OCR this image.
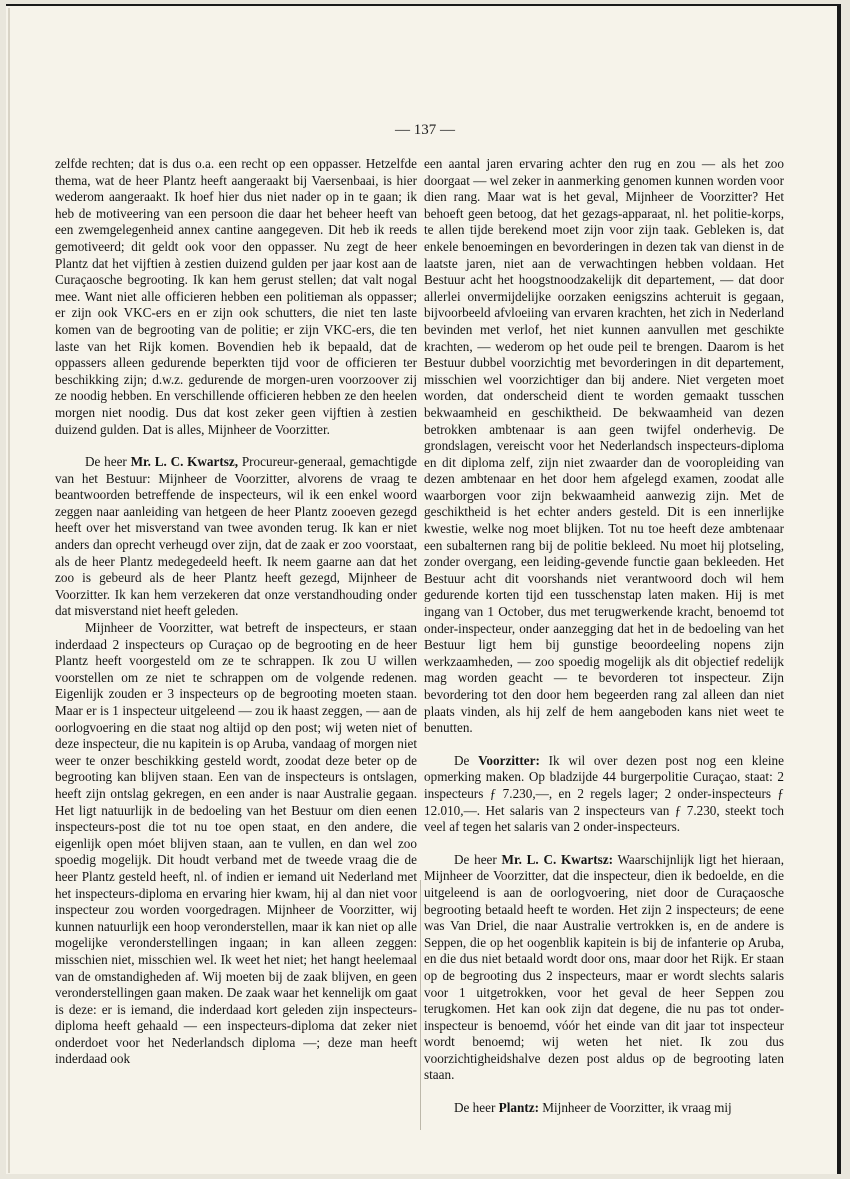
— 137 —

zelfde rechten; dat is dus o.a. een recht op een oppasser. Hetzelfde thema, wat de heer Plantz heeft aangeraakt bij Vaersenbaai, is hier wederom aangeraakt. Ik hoef hier dus niet nader op in te gaan; ik heb de motiveering van een persoon die daar het beheer heeft van een zwemgelegenheid annex cantine aangegeven. Dit heb ik reeds gemotiveerd; dit geldt ook voor den oppasser. Nu zegt de heer Plantz dat het vijftien à zestien duizend gulden per jaar kost aan de Curaçaosche begrooting. Ik kan hem gerust stellen; dat valt nogal mee. Want niet alle officieren hebben een politieman als oppasser; er zijn ook VKC-ers en er zijn ook schutters, die niet ten laste komen van de begrooting van de politie; er zijn VKC-ers, die ten laste van het Rijk komen. Bovendien heb ik bepaald, dat de oppassers alleen gedurende beperkten tijd voor de officieren ter beschikking zijn; d.w.z. gedurende de morgen-uren voorzoover zij ze noodig hebben. En verschillende officieren hebben ze den heelen morgen niet noodig. Dus dat kost zeker geen vijftien à zestien duizend gulden. Dat is alles, Mijnheer de Voorzitter.

De heer Mr. L. C. Kwartsz, Procureur-generaal, gemachtigde van het Bestuur: Mijnheer de Voorzitter, alvorens de vraag te beantwoorden betreffende de inspecteurs, wil ik een enkel woord zeggen naar aanleiding van hetgeen de heer Plantz zooeven gezegd heeft over het misverstand van twee avonden terug. Ik kan er niet anders dan oprecht verheugd over zijn, dat de zaak er zoo voorstaat, als de heer Plantz medegedeeld heeft. Ik neem gaarne aan dat het zoo is gebeurd als de heer Plantz heeft gezegd, Mijnheer de Voorzitter. Ik kan hem verzekeren dat onze verstandhouding onder dat misverstand niet heeft geleden.

Mijnheer de Voorzitter, wat betreft de inspecteurs, er staan inderdaad 2 inspecteurs op Curaçao op de begrooting en de heer Plantz heeft voorgesteld om ze te schrappen. Ik zou U willen voorstellen om ze niet te schrappen om de volgende redenen. Eigenlijk zouden er 3 inspecteurs op de begrooting moeten staan. Maar er is 1 inspecteur uitgeleend — zou ik haast zeggen, — aan de oorlogvoering en die staat nog altijd op den post; wij weten niet of deze inspecteur, die nu kapitein is op Aruba, vandaag of morgen niet weer te onzer beschikking gesteld wordt, zoodat deze beter op de begrooting kan blijven staan. Een van de inspecteurs is ontslagen, heeft zijn ontslag gekregen, en een ander is naar Australie gegaan. Het ligt natuurlijk in de bedoeling van het Bestuur om dien eenen inspecteurs-post die tot nu toe open staat, en den andere, die eigenlijk open móet blijven staan, aan te vullen, en dan wel zoo spoedig mogelijk. Dit houdt verband met de tweede vraag die de heer Plantz gesteld heeft, nl. of indien er iemand uit Nederland met het inspecteurs-diploma en ervaring hier kwam, hij al dan niet voor inspecteur zou worden voorgedragen. Mijnheer de Voorzitter, wij kunnen natuurlijk een hoop veronderstellen, maar ik kan niet op alle mogelijke veronderstellingen ingaan; in kan alleen zeggen: misschien niet, misschien wel. Ik weet het niet; het hangt heelemaal van de omstandigheden af. Wij moeten bij de zaak blijven, en geen veronderstellingen gaan maken. De zaak waar het kennelijk om gaat is deze: er is iemand, die inderdaad kort geleden zijn inspecteurs-diploma heeft gehaald — een inspecteurs-diploma dat zeker niet onderdoet voor het Nederlandsch diploma —; deze man heeft inderdaad ook

een aantal jaren ervaring achter den rug en zou — als het zoo doorgaat — wel zeker in aanmerking genomen kunnen worden voor dien rang. Maar wat is het geval, Mijnheer de Voorzitter? Het behoeft geen betoog, dat het gezags-apparaat, nl. het politie-korps, te allen tijde berekend moet zijn voor zijn taak. Gebleken is, dat enkele benoemingen en bevorderingen in dezen tak van dienst in de laatste jaren, niet aan de verwachtingen hebben voldaan. Het Bestuur acht het hoogstnoodzakelijk dit departement, — dat door allerlei onvermijdelijke oorzaken eenigszins achteruit is gegaan, bijvoorbeeld afvloeiing van ervaren krachten, het zich in Nederland bevinden met verlof, het niet kunnen aanvullen met geschikte krachten, — wederom op het oude peil te brengen. Daarom is het Bestuur dubbel voorzichtig met bevorderingen in dit departement, misschien wel voorzichtiger dan bij andere. Niet vergeten moet worden, dat onderscheid dient te worden gemaakt tusschen bekwaamheid en geschiktheid. De bekwaamheid van dezen betrokken ambtenaar is aan geen twijfel onderhevig. De grondslagen, vereischt voor het Nederlandsch inspecteurs-diploma en dit diploma zelf, zijn niet zwaarder dan de vooropleiding van dezen ambtenaar en het door hem afgelegd examen, zoodat alle waarborgen voor zijn bekwaamheid aanwezig zijn. Met de geschiktheid is het echter anders gesteld. Dit is een innerlijke kwestie, welke nog moet blijken. Tot nu toe heeft deze ambtenaar een subalternen rang bij de politie bekleed. Nu moet hij plotseling, zonder overgang, een leiding-gevende functie gaan bekleeden. Het Bestuur acht dit voorshands niet verantwoord doch wil hem gedurende korten tijd een tusschenstap laten maken. Hij is met ingang van 1 October, dus met terugwerkende kracht, benoemd tot onder-inspecteur, onder aanzegging dat het in de bedoeling van het Bestuur ligt hem bij gunstige beoordeeling nopens zijn werkzaamheden, — zoo spoedig mogelijk als dit objectief redelijk mag worden geacht — te bevorderen tot inspecteur. Zijn bevordering tot den door hem begeerden rang zal alleen dan niet plaats vinden, als hij zelf de hem aangeboden kans niet weet te benutten.

De Voorzitter: Ik wil over dezen post nog een kleine opmerking maken. Op bladzijde 44 burgerpolitie Curaçao, staat: 2 inspecteurs ƒ 7.230,—, en 2 regels lager; 2 onder-inspecteurs ƒ 12.010,—. Het salaris van 2 inspecteurs van ƒ 7.230, steekt toch veel af tegen het salaris van 2 onder-inspecteurs.

De heer Mr. L. C. Kwartsz: Waarschijnlijk ligt het hieraan, Mijnheer de Voorzitter, dat die inspecteur, dien ik bedoelde, en die uitgeleend is aan de oorlogvoering, niet door de Curaçaosche begrooting betaald heeft te worden. Het zijn 2 inspecteurs; de eene was Van Driel, die naar Australie vertrokken is, en de andere is Seppen, die op het oogenblik kapitein is bij de infanterie op Aruba, en die dus niet betaald wordt door ons, maar door het Rijk. Er staan op de begrooting dus 2 inspecteurs, maar er wordt slechts salaris voor 1 uitgetrokken, voor het geval de heer Seppen zou terugkomen. Het kan ook zijn dat degene, die nu pas tot onder-inspecteur is benoemd, vóór het einde van dit jaar tot inspecteur wordt benoemd; wij weten het niet. Ik zou dus voorzichtigheidshalve dezen post aldus op de begrooting laten staan.

De heer Plantz: Mijnheer de Voorzitter, ik vraag mij
